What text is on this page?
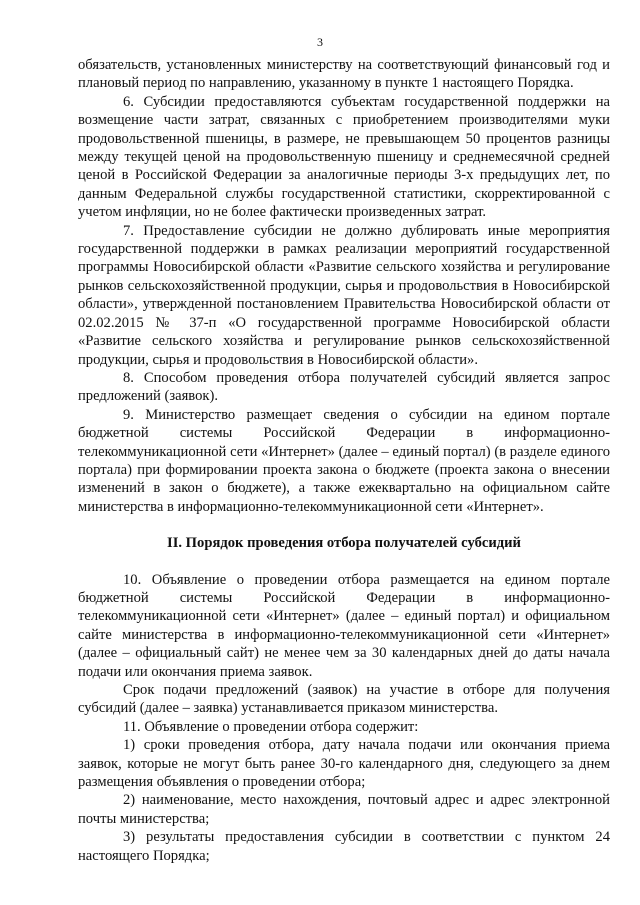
3

обязательств, установленных министерству на соответствующий финансовый год и плановый период по направлению, указанному в пункте 1 настоящего Порядка.

6. Субсидии предоставляются субъектам государственной поддержки на возмещение части затрат, связанных с приобретением производителями муки продовольственной пшеницы, в размере, не превышающем 50 процентов разницы между текущей ценой на продовольственную пшеницу и среднемесячной средней ценой в Российской Федерации за аналогичные периоды 3-х предыдущих лет, по данным Федеральной службы государственной статистики, скорректированной с учетом инфляции, но не более фактически произведенных затрат.

7. Предоставление субсидии не должно дублировать иные мероприятия государственной поддержки в рамках реализации мероприятий государственной программы Новосибирской области «Развитие сельского хозяйства и регулирование рынков сельскохозяйственной продукции, сырья и продовольствия в Новосибирской области», утвержденной постановлением Правительства Новосибирской области от 02.02.2015 № 37-п «О государственной программе Новосибирской области «Развитие сельского хозяйства и регулирование рынков сельскохозяйственной продукции, сырья и продовольствия в Новосибирской области».

8. Способом проведения отбора получателей субсидий является запрос предложений (заявок).

9. Министерство размещает сведения о субсидии на едином портале бюджетной системы Российской Федерации в информационно-телекоммуникационной сети «Интернет» (далее – единый портал) (в разделе единого портала) при формировании проекта закона о бюджете (проекта закона о внесении изменений в закон о бюджете), а также ежеквартально на официальном сайте министерства в информационно-телекоммуникационной сети «Интернет».

II. Порядок проведения отбора получателей субсидий

10. Объявление о проведении отбора размещается на едином портале бюджетной системы Российской Федерации в информационно-телекоммуникационной сети «Интернет» (далее – единый портал) и официальном сайте министерства в информационно-телекоммуникационной сети «Интернет» (далее – официальный сайт) не менее чем за 30 календарных дней до даты начала подачи или окончания приема заявок.

Срок подачи предложений (заявок) на участие в отборе для получения субсидий (далее – заявка) устанавливается приказом министерства.

11. Объявление о проведении отбора содержит:

1) сроки проведения отбора, дату начала подачи или окончания приема заявок, которые не могут быть ранее 30-го календарного дня, следующего за днем размещения объявления о проведении отбора;

2) наименование, место нахождения, почтовый адрес и адрес электронной почты министерства;

3) результаты предоставления субсидии в соответствии с пунктом 24 настоящего Порядка;
